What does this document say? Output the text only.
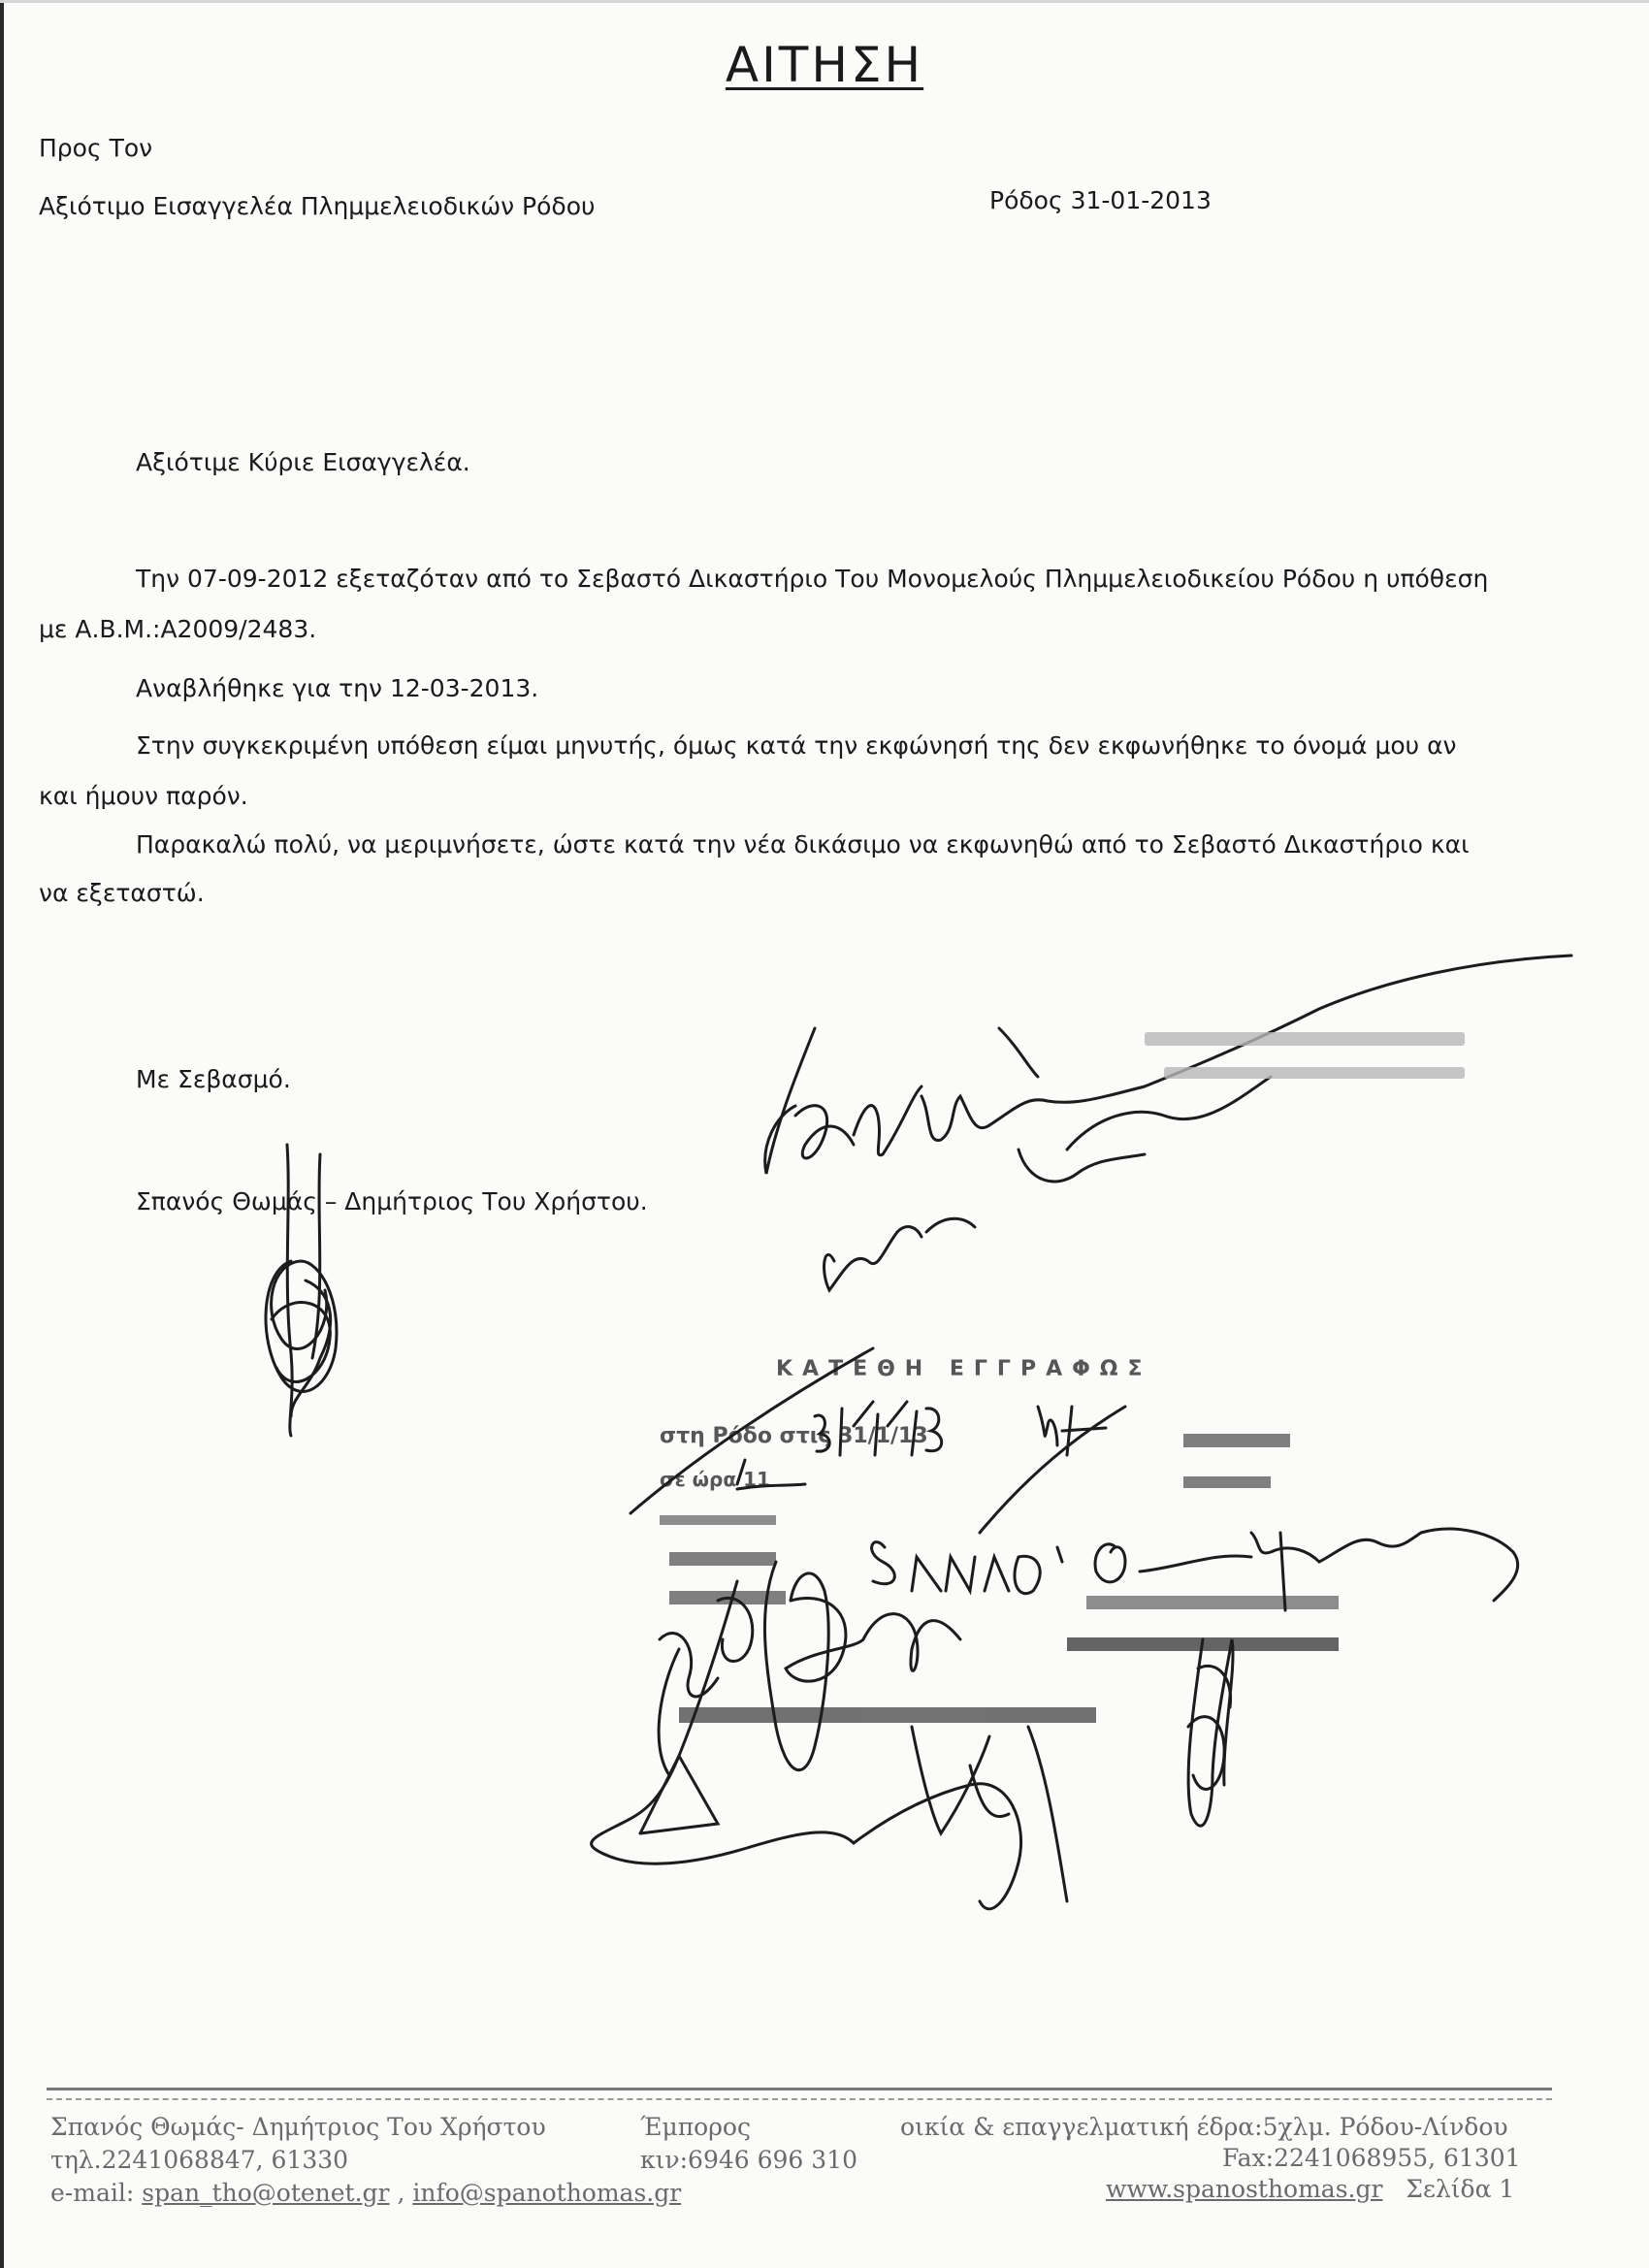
ΑΙΤΗΣΗ
Προς Τον
Αξιότιμο Εισαγγελέα Πλημμελειοδικών Ρόδου	Ρόδος 31-01-2013
Αξιότιμε Κύριε Εισαγγελέα.
Την 07-09-2012 εξεταζόταν από το Σεβαστό Δικαστήριο Του Μονομελούς Πλημμελειοδικείου Ρόδου η υπόθεση
με Α.Β.Μ.:Α2009/2483.
Αναβλήθηκε για την 12-03-2013.
Στην συγκεκριμένη υπόθεση είμαι μηνυτής, όμως κατά την εκφώνησή της δεν εκφωνήθηκε το όνομά μου αν
και ήμουν παρόν.
Παρακαλώ πολύ, να μεριμνήσετε, ώστε κατά την νέα δικάσιμο να εκφωνηθώ από το Σεβαστό Δικαστήριο και
να εξεταστώ.
Με Σεβασμό.
Σπανός Θωμάς – Δημήτριος Του Χρήστου.
ΚΑΤΕΘΗ ΕΓΓΡΑΦΩΣ
στη Ρόδο στις 31/1/13
σε ώρα 11
Σπανός Θωμάς- Δημήτριος Του Χρήστου	Έμπορος	οικία & επαγγελματική έδρα:5χλμ. Ρόδου-Λίνδου
τηλ.2241068847, 61330	κιν:6946 696 310	Fax:2241068955, 61301
e-mail: span_tho@otenet.gr , info@spanothomas.gr	www.spanosthomas.gr Σελίδα 1
